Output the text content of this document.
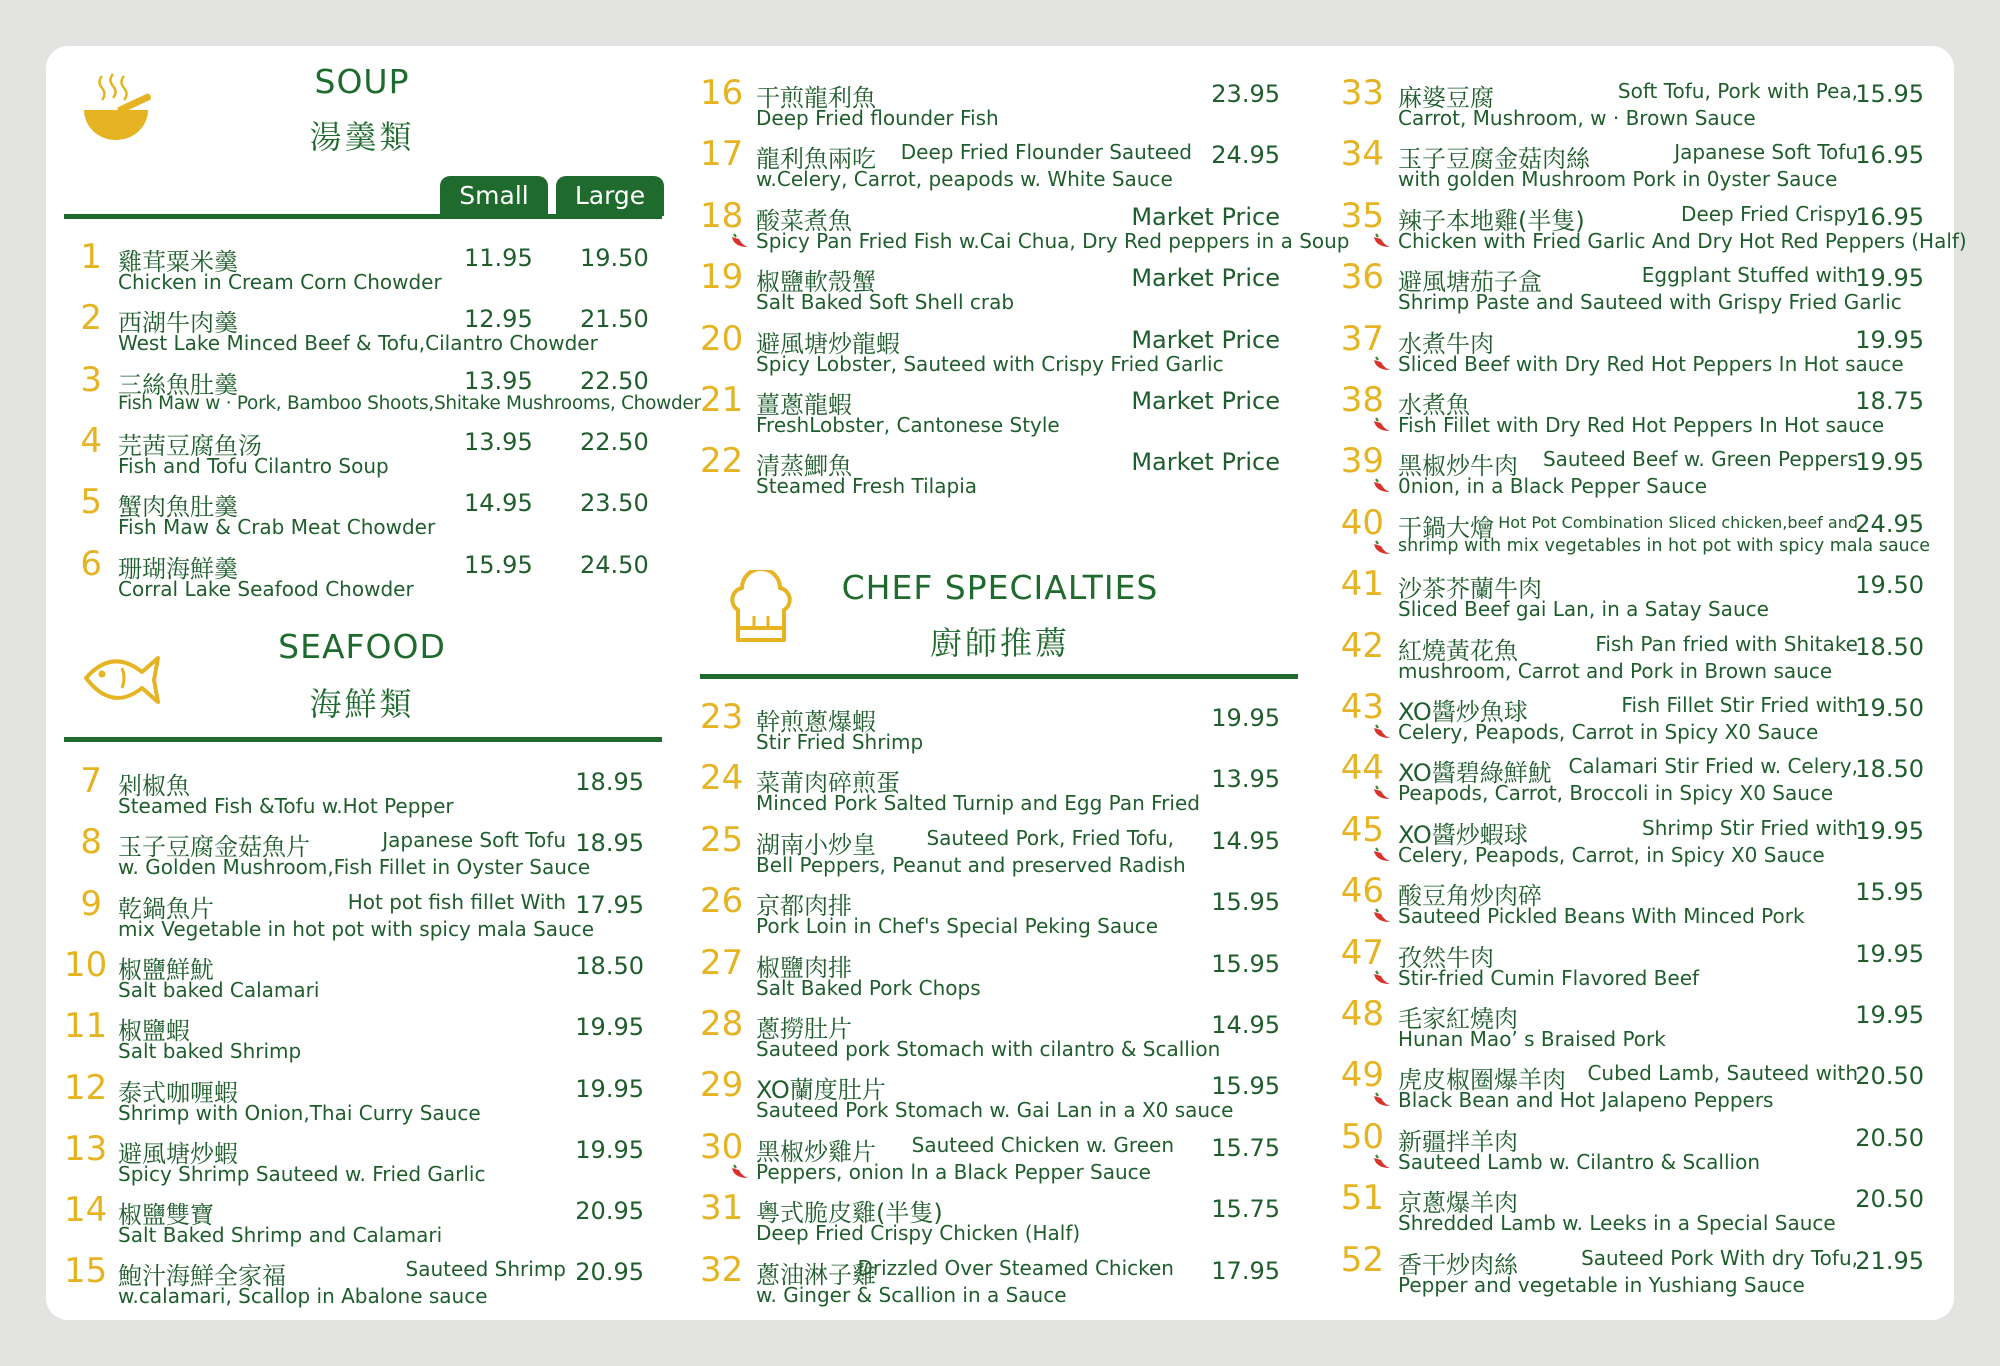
SOUP
湯羹類
Small	Large
1 雞茸粟米羹
Chicken in Cream Corn Chowder
11.95 19.50
2 西湖牛肉羹
West Lake Minced Beef & Tofu,Cilantro Chowder
12.95 21.50
3 三絲魚肚羹
Fish Maw w · Pork, Bamboo Shoots,Shitake Mushrooms, Chowder
13.95 22.50
4 芫茜豆腐鱼汤
Fish and Tofu Cilantro Soup
13.95 22.50
5 蟹肉魚肚羹
Fish Maw & Crab Meat Chowder
14.95 23.50
6 珊瑚海鮮羹
Corral Lake Seafood Chowder
15.95 24.50
SEAFOOD
海鮮類
7 剁椒魚
Steamed Fish &Tofu w.Hot Pepper
18.95
8 玉子豆腐金菇魚片	Japanese Soft Tofu
w. Golden Mushroom,Fish Fillet in Oyster Sauce
18.95
9 乾鍋魚片	Hot pot fish fillet With
mix Vegetable in hot pot with spicy mala Sauce
17.95
10 椒鹽鮮魷
Salt baked Calamari
18.50
11 椒鹽蝦
Salt baked Shrimp
19.95
12 泰式咖喱蝦
Shrimp with Onion,Thai Curry Sauce
19.95
13 避風塘炒蝦
Spicy Shrimp Sauteed w. Fried Garlic
19.95
14 椒鹽雙寶
Salt Baked Shrimp and Calamari
20.95
15 鮑汁海鮮全家福	Sauteed Shrimp
w.calamari, Scallop in Abalone sauce
20.95
16 干煎龍利魚
Deep Fried flounder Fish
23.95
17 龍利魚兩吃 Deep Fried Flounder Sauteed
w.Celery, Carrot, peapods w. White Sauce
24.95
18 酸菜煮魚
Spicy Pan Fried Fish w.Cai Chua, Dry Red peppers in a Soup
Market Price
19 椒鹽軟殼蟹
Salt Baked Soft Shell crab
Market Price
20 避風塘炒龍蝦
Spicy Lobster, Sauteed with Crispy Fried Garlic
Market Price
21 薑蔥龍蝦
FreshLobster, Cantonese Style
Market Price
22 清蒸鯽魚
Steamed Fresh Tilapia
Market Price
CHEF SPECIALTIES
廚師推薦
23 幹煎蔥爆蝦
Stir Fried Shrimp
19.95
24 菜莆肉碎煎蛋
Minced Pork Salted Turnip and Egg Pan Fried
13.95
25 湖南小炒皇	Sauteed Pork, Fried Tofu,
Bell Peppers, Peanut and preserved Radish
14.95
26 京都肉排
Pork Loin in Chef's Special Peking Sauce
15.95
27 椒鹽肉排
Salt Baked Pork Chops
15.95
28 蔥撈肚片
Sauteed pork Stomach with cilantro & Scallion
14.95
29 XO蘭度肚片
Sauteed Pork Stomach w. Gai Lan in a X0 sauce
15.95
30 黑椒炒雞片 Sauteed Chicken w. Green
Peppers, onion ln a Black Pepper Sauce
15.75
31 粵式脆皮雞(半隻)
Deep Fried Crispy Chicken (Half)
15.75
32 蔥油淋子雞
Drizzled Over Steamed Chicken
w. Ginger & Scallion in a Sauce
17.95
33 麻婆豆腐	Soft Tofu, Pork with Pea,
Carrot, Mushroom, w · Brown Sauce
15.95
34 玉子豆腐金菇肉絲	Japanese Soft Tofu
with golden Mushroom Pork in 0yster Sauce
16.95
35 辣子本地雞(半隻)	Deep Fried Crispy
Chicken with Fried Garlic And Dry Hot Red Peppers (Half)
16.95
36 避風塘茄子盒	Eggplant Stuffed with
Shrimp Paste and Sauteed with Grispy Fried Garlic
19.95
37 水煮牛肉
Sliced Beef with Dry Red Hot Peppers In Hot sauce
19.95
38 水煮魚
Fish Fillet with Dry Red Hot Peppers In Hot sauce
18.75
39 黑椒炒牛肉 Sauteed Beef w. Green Peppers
0nion, in a Black Pepper Sauce
19.95
40 干鍋大燴 Hot Pot Combination Sliced chicken,beef and
shrimp with mix vegetables in hot pot with spicy mala sauce
24.95
41 沙茶芥蘭牛肉
Sliced Beef gai Lan, in a Satay Sauce
19.50
42 紅燒黃花魚	Fish Pan fried with Shitake
mushroom, Carrot and Pork in Brown sauce
18.50
43 XO醬炒魚球	Fish Fillet Stir Fried with
Celery, Peapods, Carrot in Spicy X0 Sauce
19.50
44 XO醬碧綠鮮魷 Calamari Stir Fried w. Celery,
Peapods, Carrot, Broccoli in Spicy X0 Sauce
18.50
45 XO醬炒蝦球	Shrimp Stir Fried with
Celery, Peapods, Carrot, in Spicy X0 Sauce
19.95
46 酸豆角炒肉碎
Sauteed Pickled Beans With Minced Pork
15.95
47 孜然牛肉
Stir-fried Cumin Flavored Beef
19.95
48 毛家紅燒肉
Hunan Mao’ s Braised Pork
19.95
49 虎皮椒圈爆羊肉 Cubed Lamb, Sauteed with
Black Bean and Hot Jalapeno Peppers
20.50
50 新疆拌羊肉
Sauteed Lamb w. Cilantro & Scallion
20.50
51 京蔥爆羊肉
Shredded Lamb w. Leeks in a Special Sauce
20.50
52 香干炒肉絲	Sauteed Pork With dry Tofu,
Pepper and vegetable in Yushiang Sauce
21.95
